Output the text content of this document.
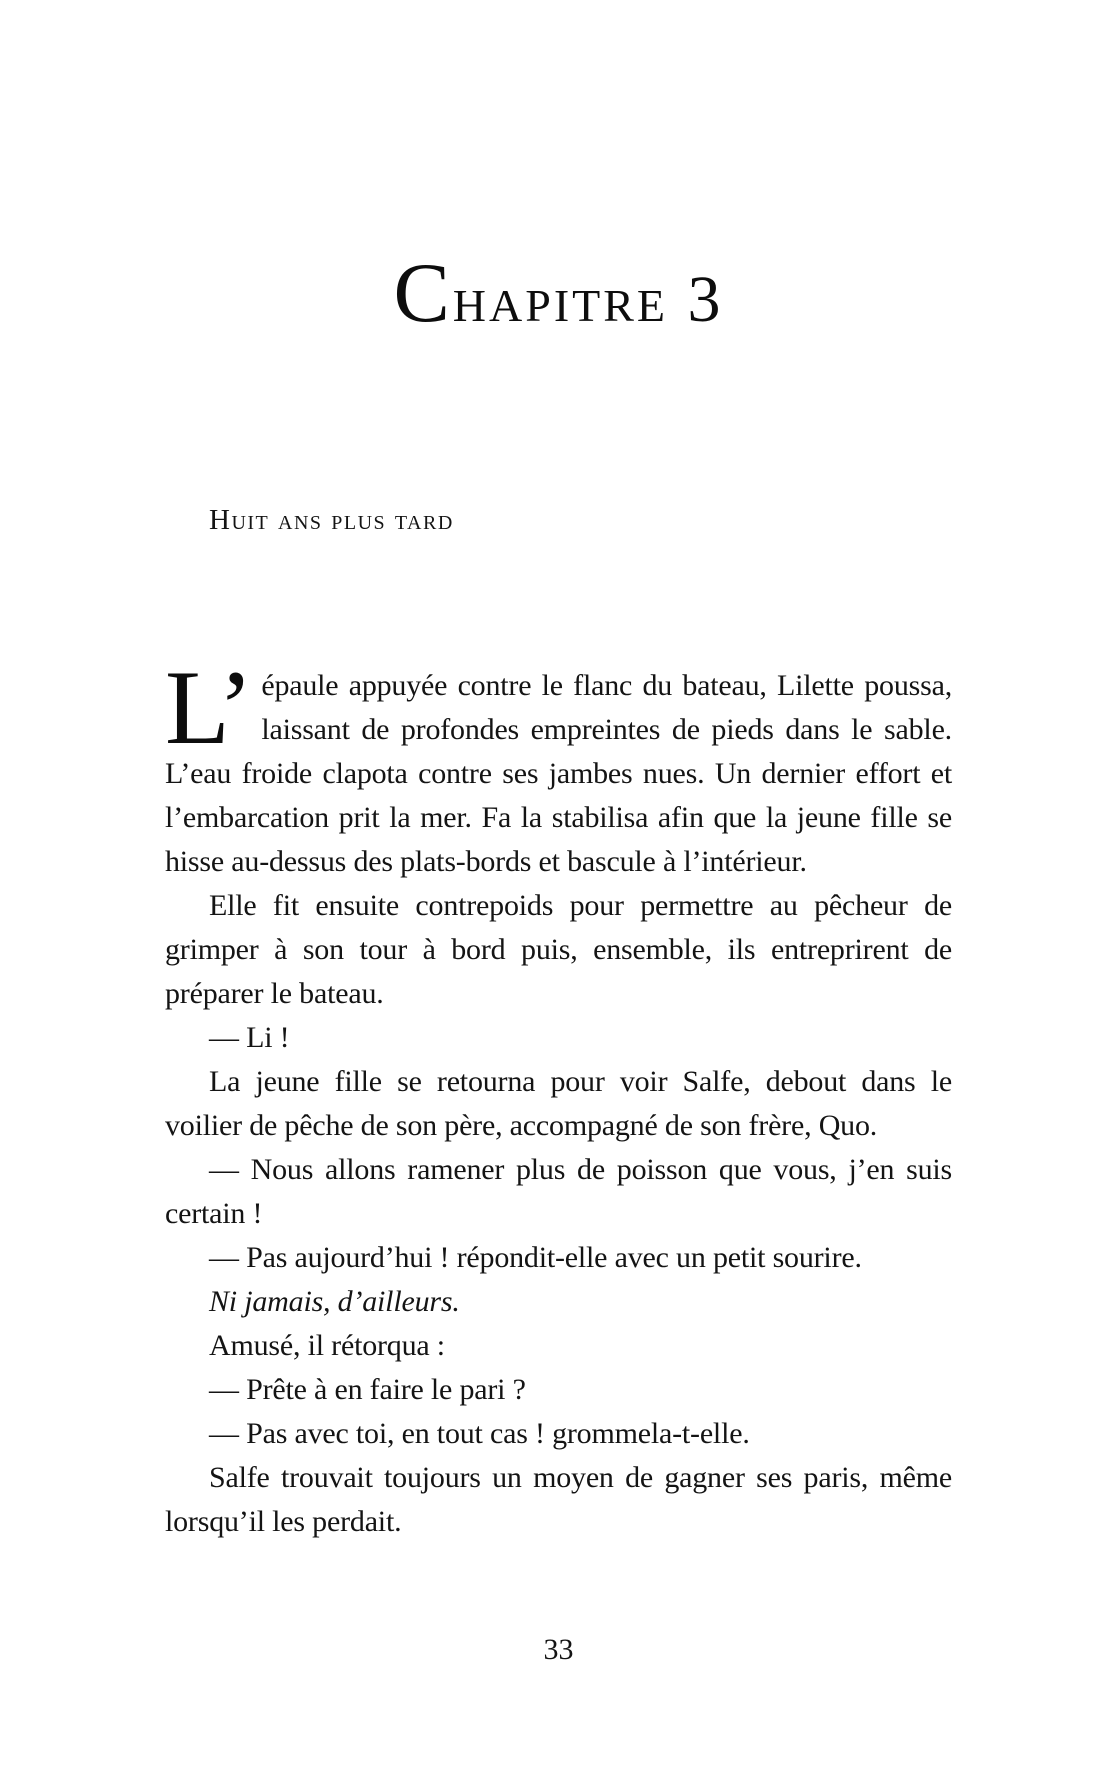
Chapitre 3
Huit ans plus tard

L’ épaule appuyée contre le flanc du bateau, Lilette poussa, laissant de profondes empreintes de pieds dans le sable. L’eau froide clapota contre ses jambes nues. Un dernier effort et l’embarcation prit la mer. Fa la stabilisa afin que la jeune fille se hisse au-dessus des plats-bords et bascule à l’intérieur.

Elle fit ensuite contrepoids pour permettre au pêcheur de grimper à son tour à bord puis, ensemble, ils entreprirent de préparer le bateau.

— Li !

La jeune fille se retourna pour voir Salfe, debout dans le voilier de pêche de son père, accompagné de son frère, Quo.

— Nous allons ramener plus de poisson que vous, j’en suis certain !

— Pas aujourd’hui ! répondit-elle avec un petit sourire.

Ni jamais, d’ailleurs.

Amusé, il rétorqua :

— Prête à en faire le pari ?

— Pas avec toi, en tout cas ! grommela-t-elle.

Salfe trouvait toujours un moyen de gagner ses paris, même lorsqu’il les perdait.

33
